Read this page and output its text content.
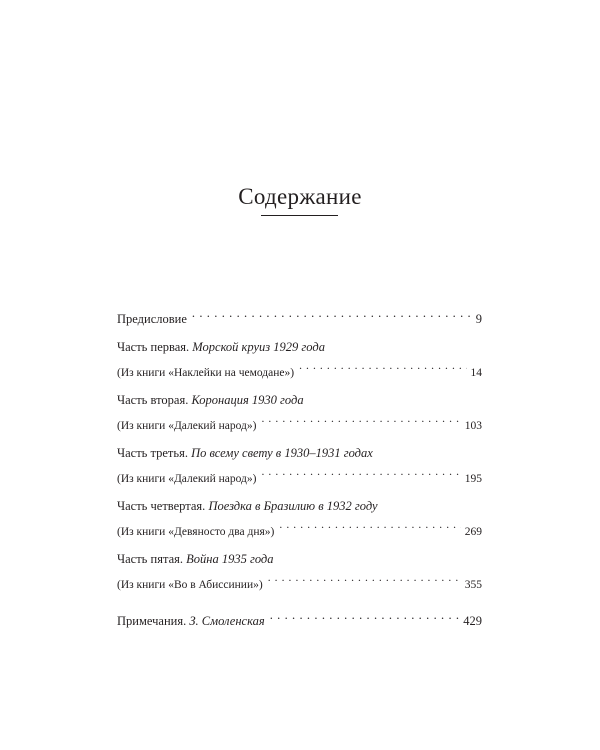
Содержание
Предисловие . . .	9
Часть первая. Морской круиз 1929 года
(Из книги «Наклейки на чемодане») . . .	14
Часть вторая. Коронация 1930 года
(Из книги «Далекий народ») . . .	103
Часть третья. По всему свету в 1930–1931 годах
(Из книги «Далекий народ») . . .	195
Часть четвертая. Поездка в Бразилию в 1932 году
(Из книги «Девяносто два дня») . . .	269
Часть пятая. Война 1935 года
(Из книги «Во в Абиссинии») . . .	355
Примечания. З. Смоленская . . .	429
